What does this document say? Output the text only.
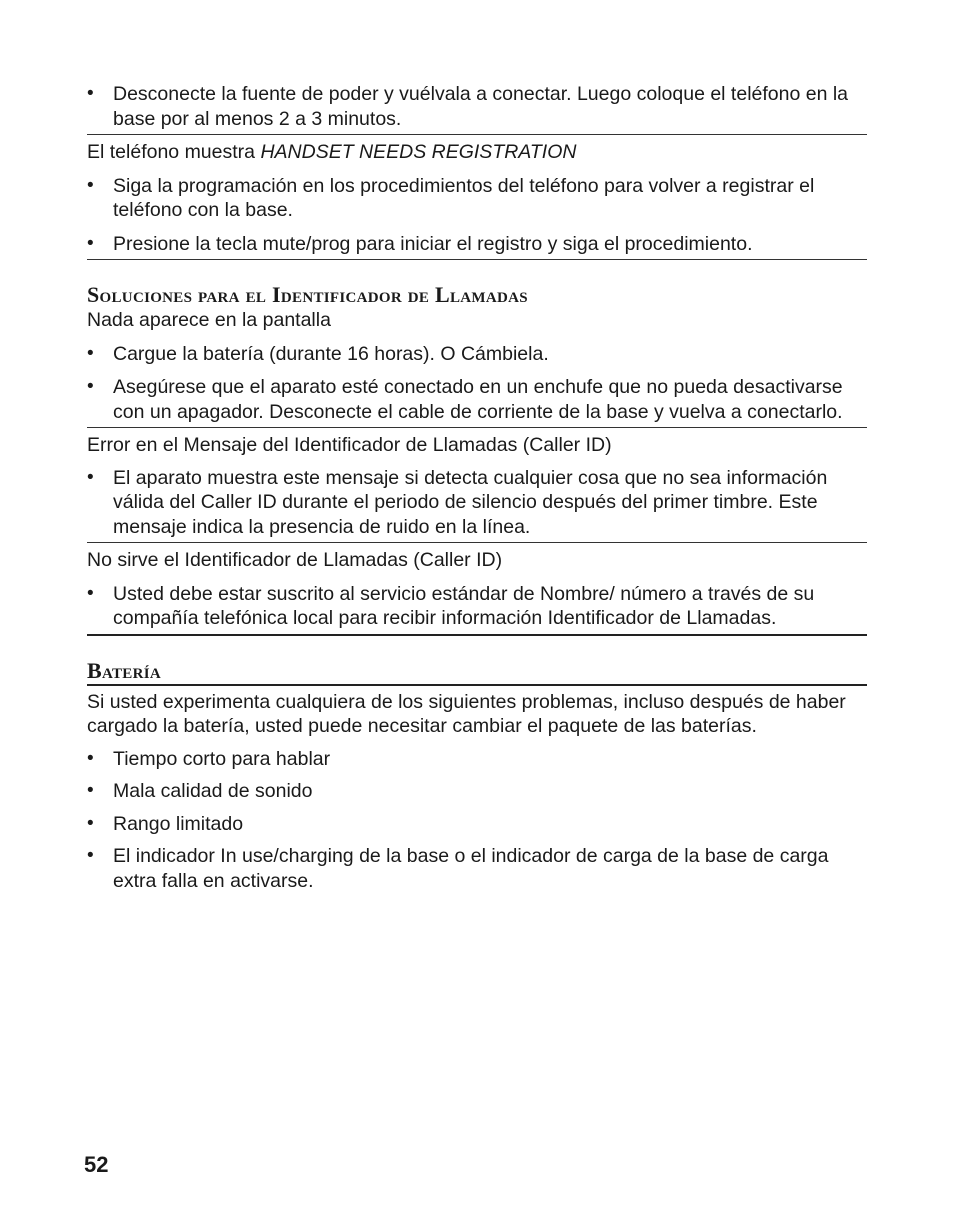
• Desconecte la fuente de poder y vuélvala a conectar. Luego coloque el teléfono en la base por al menos 2 a 3 minutos.

El teléfono muestra HANDSET NEEDS REGISTRATION

• Siga la programación en los procedimientos del teléfono para volver a registrar el teléfono con la base.

• Presione la tecla mute/prog para iniciar el registro y siga el procedimiento.

Soluciones para el Identificador de Llamadas

Nada aparece en la pantalla

• Cargue la batería (durante 16 horas). O Cámbiela.

• Asegúrese que el aparato esté conectado en un enchufe que no pueda desactivarse con un apagador. Desconecte el cable de corriente de la base y vuelva a conectarlo.

Error en el Mensaje del Identificador de Llamadas (Caller ID)

• El aparato muestra este mensaje si detecta cualquier cosa que no sea información válida del Caller ID durante el periodo de silencio después del primer timbre. Este mensaje indica la presencia de ruido en la línea.

No sirve el Identificador de Llamadas (Caller ID)

• Usted debe estar suscrito al servicio estándar de Nombre/ número a través de su compañía telefónica local para recibir información Identificador de Llamadas.

Batería

Si usted experimenta cualquiera de los siguientes problemas, incluso después de haber cargado la batería, usted puede necesitar cambiar el paquete de las baterías.

• Tiempo corto para hablar

• Mala calidad de sonido

• Rango limitado

• El indicador In use/charging de la base o el indicador de carga de la base de carga extra falla en activarse.

52
